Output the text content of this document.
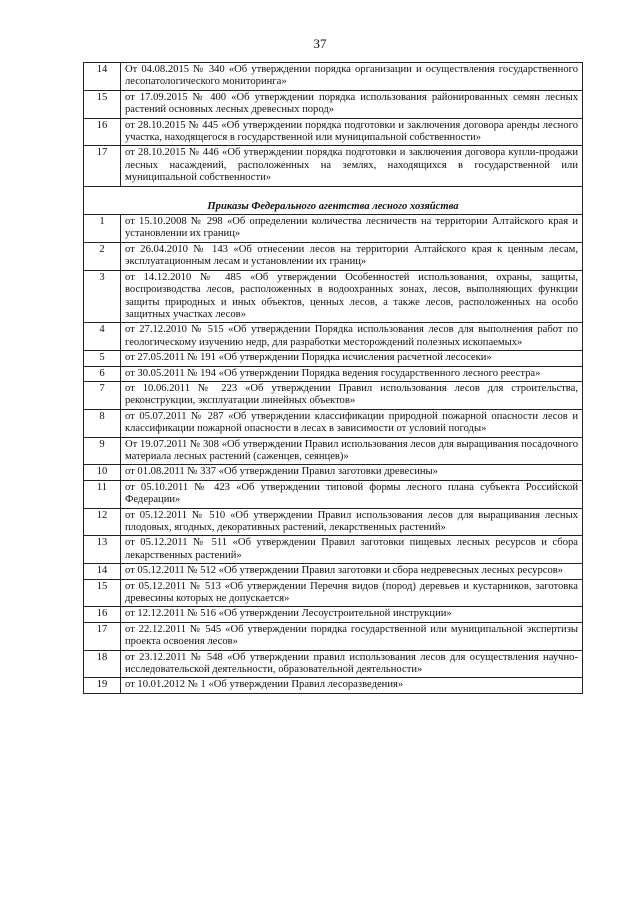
37
14	От 04.08.2015 № 340 «Об утверждении порядка организации и осуществления государственного лесопатологического мониторинга»
15	от 17.09.2015 № 400 «Об утверждении порядка использования районированных семян лесных растений основных лесных древесных пород»
16	от 28.10.2015 № 445 «Об утверждении порядка подготовки и заключения договора аренды лесного участка, находящегося в государственной или муниципальной собственности»
17	от 28.10.2015 № 446 «Об утверждении порядка подготовки и заключения договора купли-продажи лесных насаждений, расположенных на землях, находящихся в государственной или муниципальной собственности»
Приказы Федерального агентства лесного хозяйства	
1	от 15.10.2008 № 298 «Об определении количества лесничеств на территории Алтайского края и установлении их границ»
2	от 26.04.2010 № 143 «Об отнесении лесов на территории Алтайского края к ценным лесам, эксплуатационным лесам и установлении их границ»
3	от 14.12.2010 № 485 «Об утверждении Особенностей использования, охраны, защиты, воспроизводства лесов, расположенных в водоохранных зонах, лесов, выполняющих функции защиты природных и иных объектов, ценных лесов, а также лесов, расположенных на особо защитных участках лесов»
4	от 27.12.2010 № 515 «Об утверждении Порядка использования лесов для выполнения работ по геологическому изучению недр, для разработки месторождений полезных ископаемых»
5	от 27.05.2011 № 191 «Об утверждении Порядка исчисления расчетной лесосеки»
6	от 30.05.2011 № 194 «Об утверждении Порядка ведения государственного лесного реестра»
7	от 10.06.2011 № 223 «Об утверждении Правил использования лесов для строительства, реконструкции, эксплуатации линейных объектов»
8	от 05.07.2011 № 287 «Об утверждении классификации природной пожарной опасности лесов и классификации пожарной опасности в лесах в зависимости от условий погоды»
9	От 19.07.2011 № 308 «Об утверждении Правил использования лесов для выращивания посадочного материала лесных растений (саженцев, сеянцев)»
10	от 01.08.2011 № 337 «Об утверждении Правил заготовки древесины»
11	от 05.10.2011 № 423 «Об утверждении типовой формы лесного плана субъекта Российской Федерации»
12	от 05.12.2011 № 510 «Об утверждении Правил использования лесов для выращивания лесных плодовых, ягодных, декоративных растений, лекарственных растений»
13	от 05.12.2011 № 511 «Об утверждении Правил заготовки пищевых лесных ресурсов и сбора лекарственных растений»
14	от 05.12.2011 № 512 «Об утверждении Правил заготовки и сбора недревесных лесных ресурсов»
15	от 05.12.2011 № 513 «Об утверждении Перечня видов (пород) деревьев и кустарников, заготовка древесины которых не допускается»
16	от 12.12.2011 № 516 «Об утверждении Лесоустроительной инструкции»
17	от 22.12.2011 № 545 «Об утверждении порядка государственной или муниципальной экспертизы проекта освоения лесов»
18	от 23.12.2011 № 548 «Об утверждении правил использования лесов для осуществления научно-исследовательской деятельности, образовательной деятельности»
19	от 10.01.2012 № 1 «Об утверждении Правил лесоразведения»
